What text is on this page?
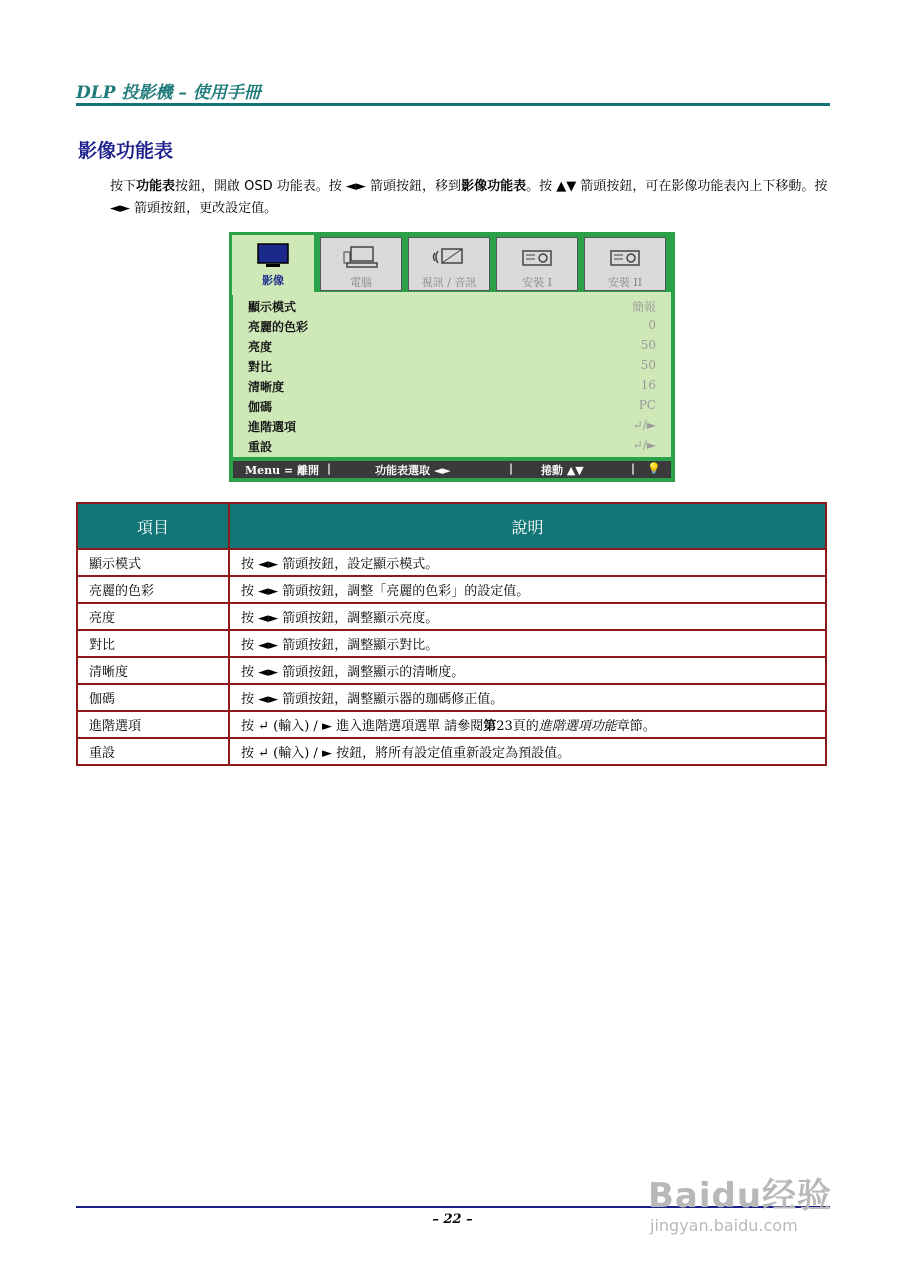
DLP 投影機 – 使用手冊
影像功能表
按下功能表按鈕，開啟 OSD 功能表。按 ◄► 箭頭按鈕，移到影像功能表。按 ▲▼ 箭頭按鈕，可在影像功能表內上下移動。按 ◄► 箭頭按鈕，更改設定值。
影像	電腦	視訊 / 音訊	安裝 I	安裝 II
顯示模式	簡報
亮麗的色彩	0
亮度	50
對比	50
清晰度	16
伽碼	PC
進階選項	↵/►
重設	↵/►
Menu = 離開 |	功能表選取 ◄►	|	捲動 ▲▼	| 💡
項目	說明
顯示模式	按 ◄► 箭頭按鈕，設定顯示模式。
亮麗的色彩	按 ◄► 箭頭按鈕，調整「亮麗的色彩」的設定值。
亮度	按 ◄► 箭頭按鈕，調整顯示亮度。
對比	按 ◄► 箭頭按鈕，調整顯示對比。
清晰度	按 ◄► 箭頭按鈕，調整顯示的清晰度。
伽碼	按 ◄► 箭頭按鈕，調整顯示器的珈碼修正值。
進階選項	按 ↵ (輸入) / ► 進入進階選項選單 請參閱第23頁的進階選項功能章節。
重設	按 ↵ (輸入) / ► 按鈕，將所有設定值重新設定為預設值。
– 22 –
Baidu经验
jingyan.baidu.com
